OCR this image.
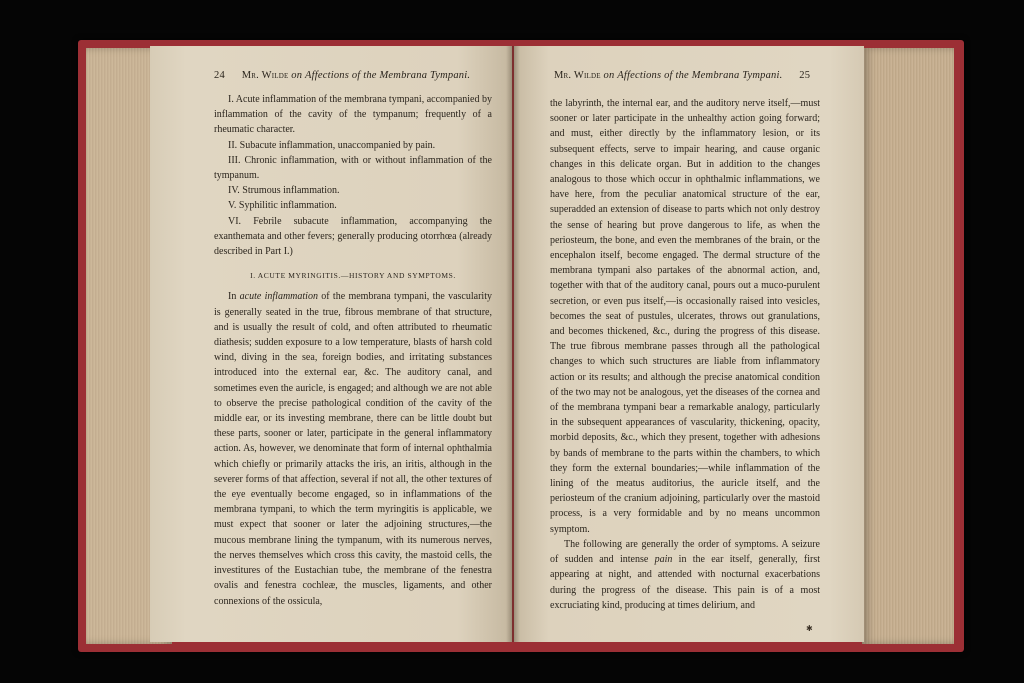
24 Mr. Wilde on Affections of the Membrana Tympani.

I. Acute inflammation of the membrana tympani, accompanied by inflammation of the cavity of the tympanum; frequently of a rheumatic character.

II. Subacute inflammation, unaccompanied by pain.

III. Chronic inflammation, with or without inflammation of the tympanum.

IV. Strumous inflammation.

V. Syphilitic inflammation.

VI. Febrile subacute inflammation, accompanying the exanthemata and other fevers; generally producing otorrhœa (already described in Part I.)

I. ACUTE MYRINGITIS.—HISTORY AND SYMPTOMS.

In acute inflammation of the membrana tympani, the vascularity is generally seated in the true, fibrous membrane of that structure, and is usually the result of cold, and often attributed to rheumatic diathesis; sudden exposure to a low temperature, blasts of harsh cold wind, diving in the sea, foreign bodies, and irritating substances introduced into the external ear, &c. The auditory canal, and sometimes even the auricle, is engaged; and although we are not able to observe the precise pathological condition of the cavity of the middle ear, or its investing membrane, there can be little doubt but these parts, sooner or later, participate in the general inflammatory action. As, however, we denominate that form of internal ophthalmia which chiefly or primarily attacks the iris, an iritis, although in the severer forms of that affection, several if not all, the other textures of the eye eventually become engaged, so in inflammations of the membrana tympani, to which the term myringitis is applicable, we must expect that sooner or later the adjoining structures,—the mucous membrane lining the tympanum, with its numerous nerves, the nerves themselves which cross this cavity, the mastoid cells, the investitures of the Eustachian tube, the membrane of the fenestra ovalis and fenestra cochleæ, the muscles, ligaments, and other connexions of the ossicula,

Mr. Wilde on Affections of the Membrana Tympani. 25

the labyrinth, the internal ear, and the auditory nerve itself,—must sooner or later participate in the unhealthy action going forward; and must, either directly by the inflammatory lesion, or its subsequent effects, serve to impair hearing, and cause organic changes in this delicate organ. But in addition to the changes analogous to those which occur in ophthalmic inflammations, we have here, from the peculiar anatomical structure of the ear, superadded an extension of disease to parts which not only destroy the sense of hearing but prove dangerous to life, as when the periosteum, the bone, and even the membranes of the brain, or the encephalon itself, become engaged. The dermal structure of the membrana tympani also partakes of the abnormal action, and, together with that of the auditory canal, pours out a muco-purulent secretion, or even pus itself,—is occasionally raised into vesicles, becomes the seat of pustules, ulcerates, throws out granulations, and becomes thickened, &c., during the progress of this disease. The true fibrous membrane passes through all the pathological changes to which such structures are liable from inflammatory action or its results; and although the precise anatomical condition of the two may not be analogous, yet the diseases of the cornea and of the membrana tympani bear a remarkable analogy, particularly in the subsequent appearances of vascularity, thickening, opacity, morbid deposits, &c., which they present, together with adhesions by bands of membrane to the parts within the chambers, to which they form the external boundaries;—while inflammation of the lining of the meatus auditorius, the auricle itself, and the periosteum of the cranium adjoining, particularly over the mastoid process, is a very formidable and by no means uncommon symptom.

The following are generally the order of symptoms. A seizure of sudden and intense pain in the ear itself, generally, first appearing at night, and attended with nocturnal exacerbations during the progress of the disease. This pain is of a most excruciating kind, producing at times delirium, and

✱
